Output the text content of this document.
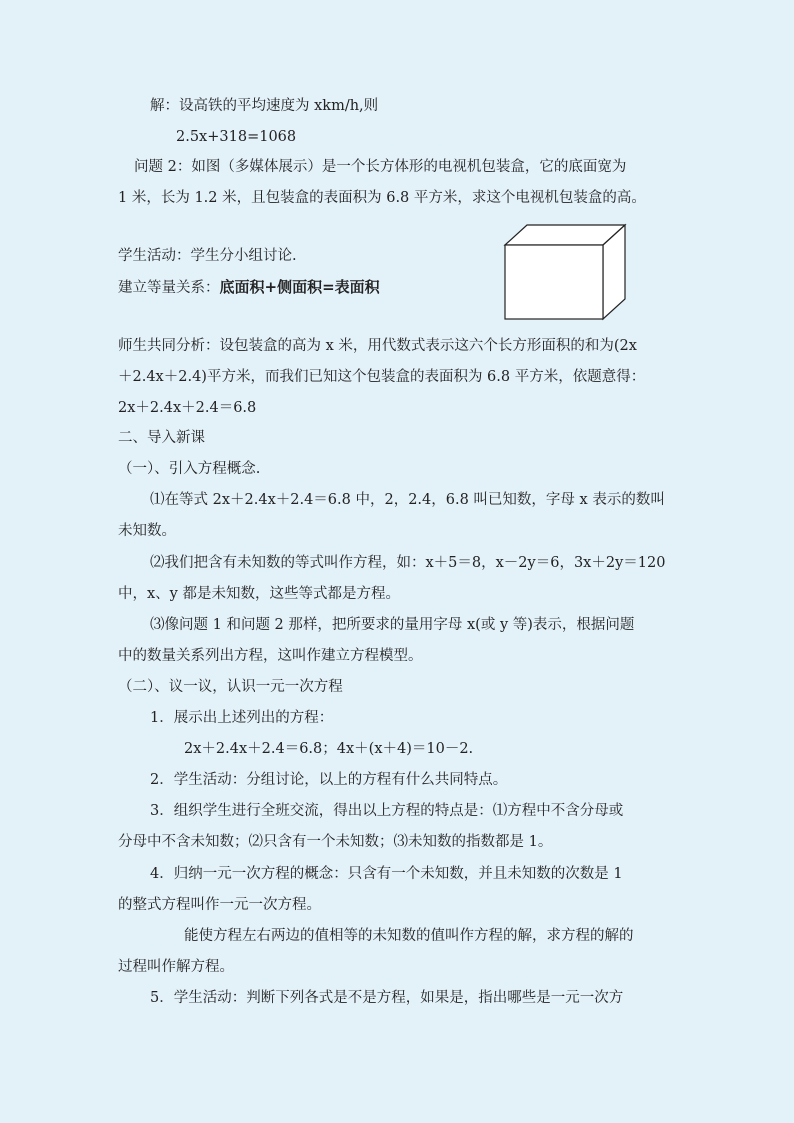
解：设高铁的平均速度为 xkm/h,则
2.5x+318=1068
问题 2：如图（多媒体展示）是一个长方体形的电视机包装盒，它的底面宽为
1 米，长为 1.2 米，且包装盒的表面积为 6.8 平方米，求这个电视机包装盒的高。
学生活动：学生分小组讨论.
建立等量关系：底面积+侧面积=表面积
师生共同分析：设包装盒的高为 x 米，用代数式表示这六个长方形面积的和为(2x
＋2.4x＋2.4)平方米，而我们已知这个包装盒的表面积为 6.8 平方米，依题意得：
2x＋2.4x＋2.4＝6.8
二、导入新课
（一）、引入方程概念.
⑴在等式 2x＋2.4x＋2.4＝6.8 中，2，2.4，6.8 叫已知数，字母 x 表示的数叫
未知数。
⑵我们把含有未知数的等式叫作方程，如：x＋5＝8，x－2y＝6，3x＋2y＝120
中，x、y 都是未知数，这些等式都是方程。
⑶像问题 1 和问题 2 那样，把所要求的量用字母 x(或 y 等)表示，根据问题
中的数量关系列出方程，这叫作建立方程模型。
（二）、议一议，认识一元一次方程
1．展示出上述列出的方程：
2x＋2.4x＋2.4＝6.8；4x＋(x＋4)＝10－2.
2．学生活动：分组讨论，以上的方程有什么共同特点。
3．组织学生进行全班交流，得出以上方程的特点是：⑴方程中不含分母或
分母中不含未知数；⑵只含有一个未知数；⑶未知数的指数都是 1。
4．归纳一元一次方程的概念：只含有一个未知数，并且未知数的次数是 1
的整式方程叫作一元一次方程。
能使方程左右两边的值相等的未知数的值叫作方程的解，求方程的解的
过程叫作解方程。
5．学生活动：判断下列各式是不是方程，如果是，指出哪些是一元一次方
